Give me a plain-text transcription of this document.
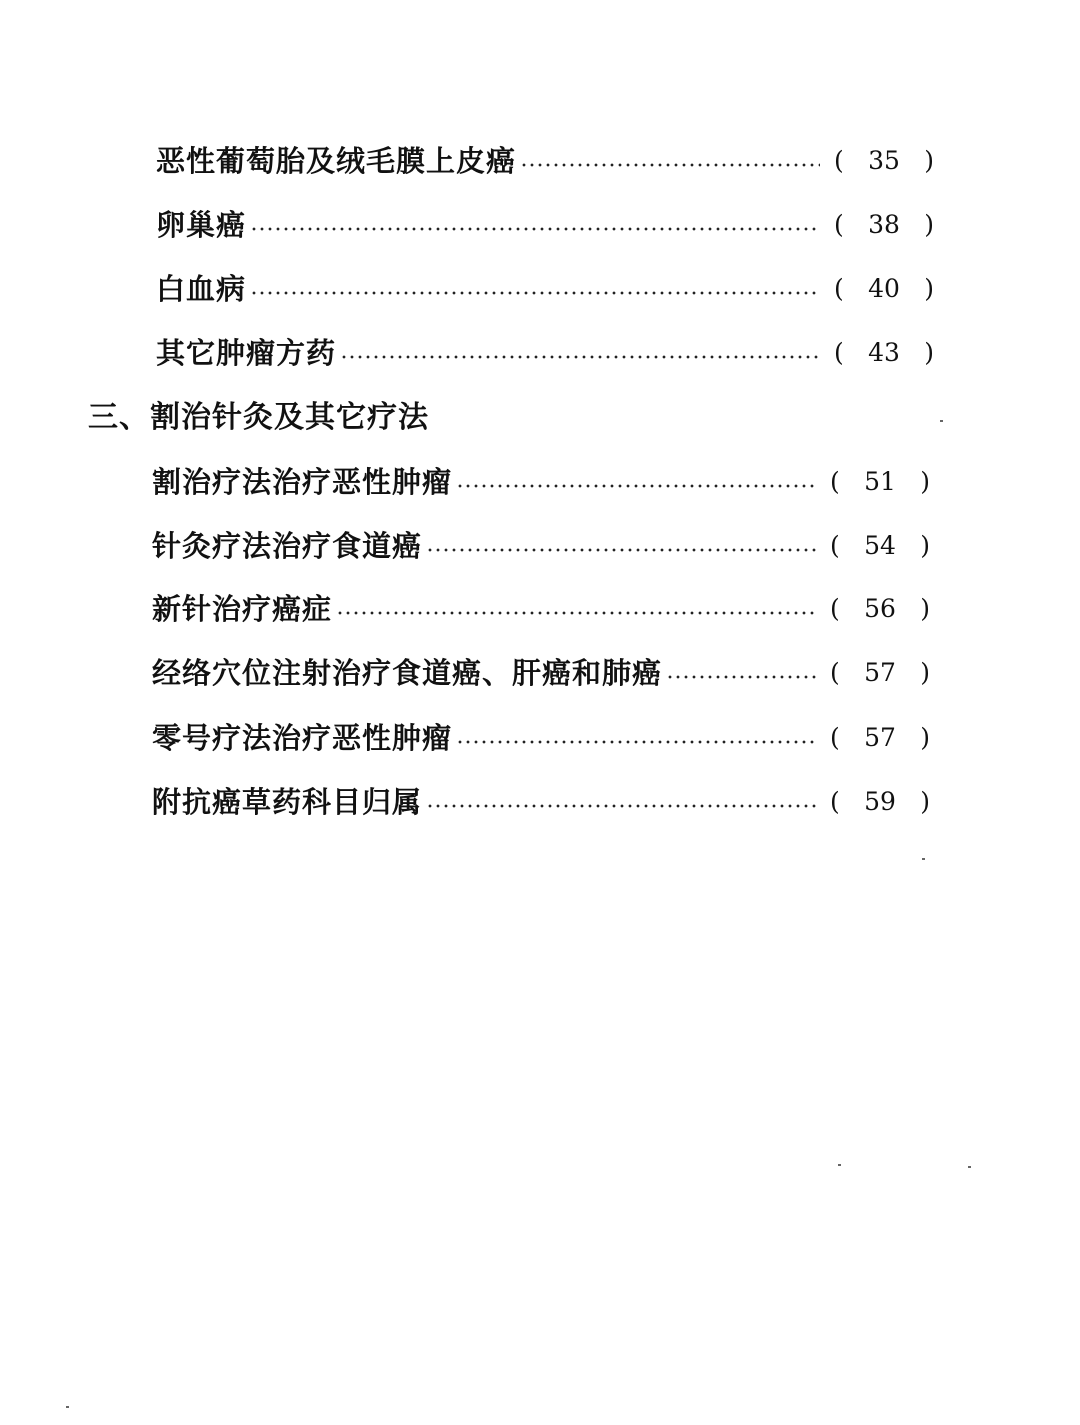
恶性葡萄胎及绒毛膜上皮癌	( 35 )
卵巢癌	( 38 )
白血病	( 40 )
其它肿瘤方药	( 43 )
三、割治针灸及其它疗法
割治疗法治疗恶性肿瘤	( 51 )
针灸疗法治疗食道癌	( 54 )
新针治疗癌症	( 56 )
经络穴位注射治疗食道癌、肝癌和肺癌	( 57 )
零号疗法治疗恶性肿瘤	( 57 )
附抗癌草药科目归属	( 59 )
